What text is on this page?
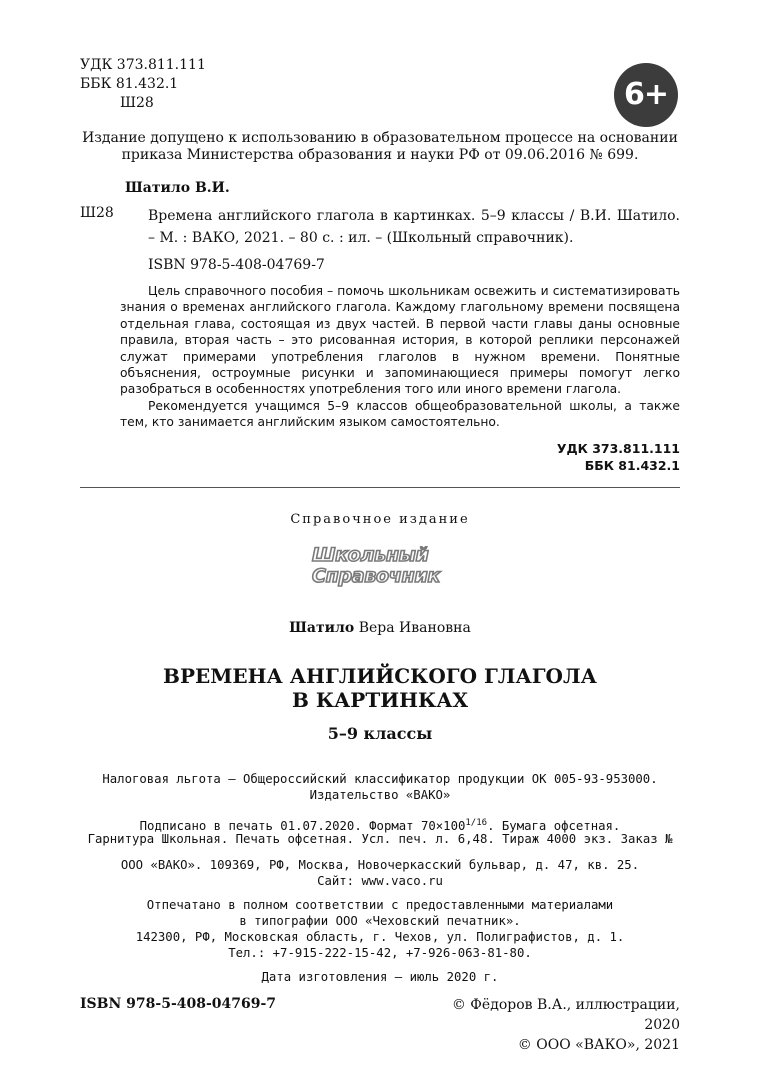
УДК 373.811.111
ББК 81.432.1
Ш28	6+
Издание допущено к использованию в образовательном процессе на основании приказа Министерства образования и науки РФ от 09.06.2016 № 699.
Шатило В.И.
Ш28 Времена английского глагола в картинках. 5–9 классы / В.И. Шатило. – М. : ВАКО, 2021. – 80 с. : ил. – (Школьный справочник).
ISBN 978-5-408-04769-7

Цель справочного пособия – помочь школьникам освежить и систематизировать знания о временах английского глагола. Каждому глагольному времени посвящена отдельная глава, состоящая из двух частей. В первой части главы даны основные правила, вторая часть – это рисованная история, в которой реплики персонажей служат примерами употребления глаголов в нужном времени. Понятные объяснения, остроумные рисунки и запоминающиеся примеры помогут легко разобраться в особенностях употребления того или иного времени глагола.

Рекомендуется учащимся 5–9 классов общеобразовательной школы, а также тем, кто занимается английским языком самостоятельно.

УДК 373.811.111
ББК 81.432.1
Справочное издание
Школьный
Справочник
Шатило Вера Ивановна
ВРЕМЕНА АНГЛИЙСКОГО ГЛАГОЛА
В КАРТИНКАХ
5–9 классы
Налоговая льгота – Общероссийский классификатор продукции ОК 005-93-953000.
Издательство «ВАКО»
Подписано в печать 01.07.2020. Формат $70\times 100^{1/16}$. Бумага офсетная.
Гарнитура Школьная. Печать офсетная. Усл. печ. л. 6,48. Тираж 4000 экз. Заказ №
ООО «ВАКО». 109369, РФ, Москва, Новочеркасский бульвар, д. 47, кв. 25.
Сайт: www.vaco.ru
Отпечатано в полном соответствии с предоставленными материалами
в типографии ООО «Чеховский печатник».
142300, РФ, Московская область, г. Чехов, ул. Полиграфистов, д. 1.
Тел.: +7-915-222-15-42, +7-926-063-81-80.
Дата изготовления – июль 2020 г.
ISBN 978-5-408-04769-7	© Фёдоров В.А., иллюстрации, 2020
© ООО «ВАКО», 2021
